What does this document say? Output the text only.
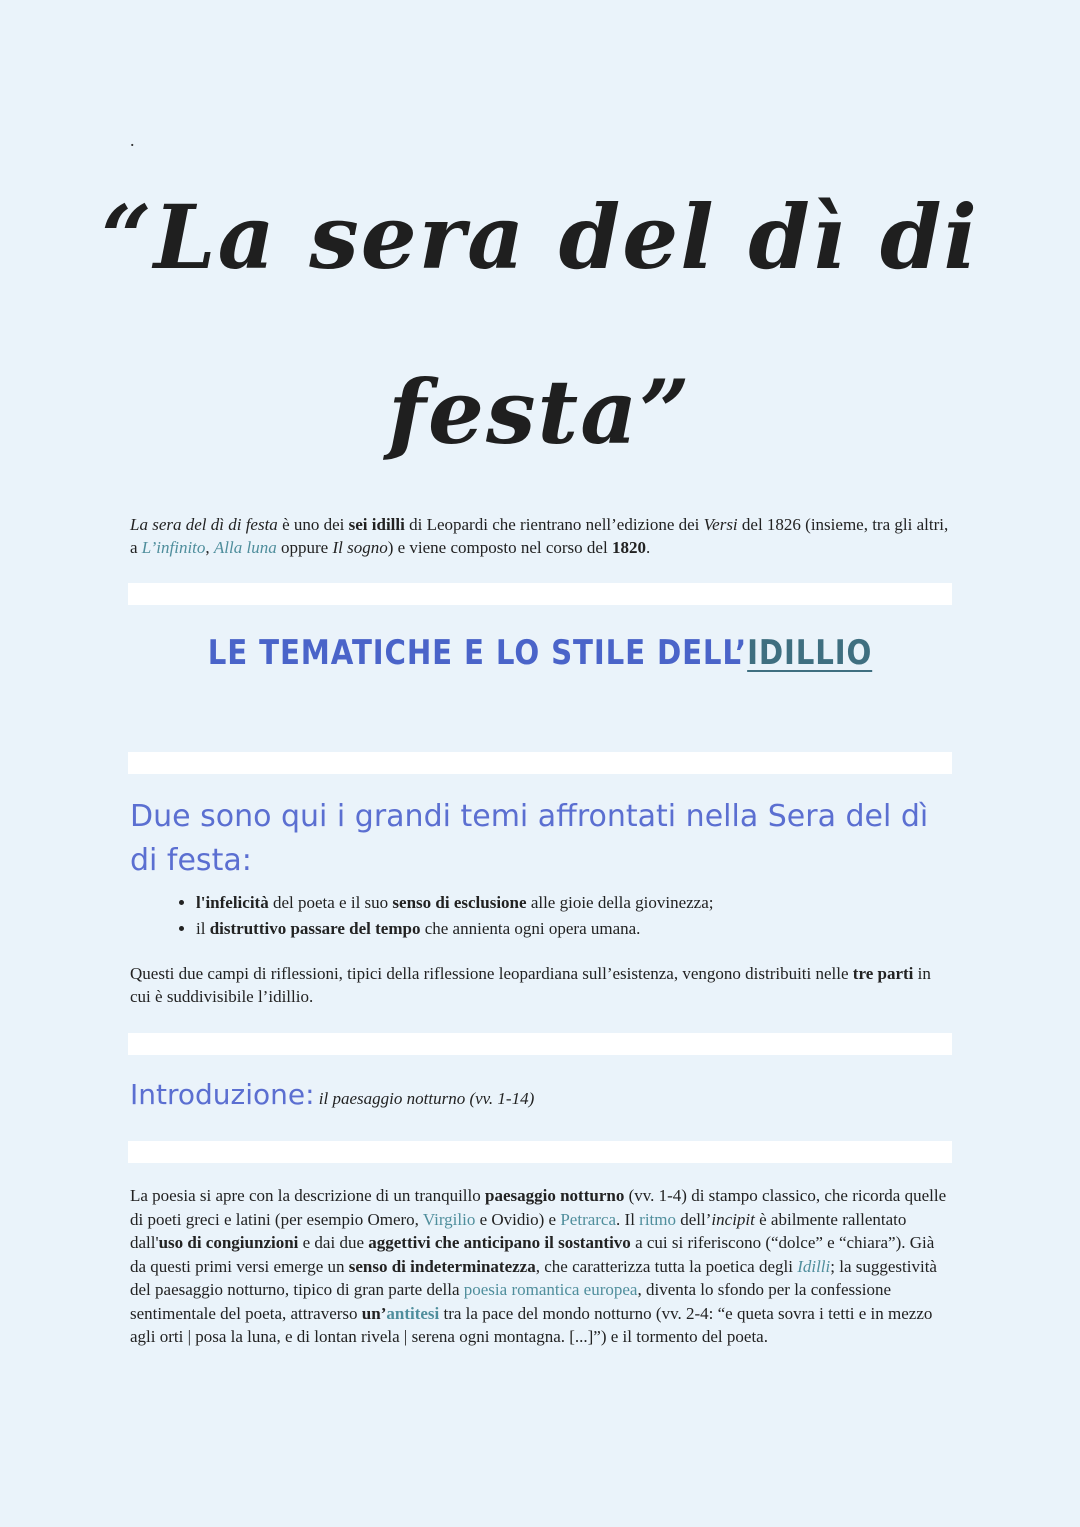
.
“La sera del dì di
festa”

La sera del dì di festa è uno dei sei idilli di Leopardi che rientrano nell’edizione dei Versi del 1826 (insieme, tra gli altri, a L’infinito, Alla luna oppure Il sogno) e viene composto nel corso del 1820.

LE TEMATICHE E LO STILE DELL’IDILLIO
Due sono qui i grandi temi affrontati nella Sera del dì di festa:
• l'infelicità del poeta e il suo senso di esclusione alle gioie della giovinezza;
• il distruttivo passare del tempo che annienta ogni opera umana.

Questi due campi di riflessioni, tipici della riflessione leopardiana sull’esistenza, vengono distribuiti nelle tre parti in cui è suddivisibile l’idillio.

Introduzione: il paesaggio notturno (vv. 1-14)

La poesia si apre con la descrizione di un tranquillo paesaggio notturno (vv. 1-4) di stampo classico, che ricorda quelle di poeti greci e latini (per esempio Omero, Virgilio e Ovidio) e Petrarca. Il ritmo dell’incipit è abilmente rallentato dall'uso di congiunzioni e dai due aggettivi che anticipano il sostantivo a cui si riferiscono (“dolce” e “chiara”). Già da questi primi versi emerge un senso di indeterminatezza, che caratterizza tutta la poetica degli Idilli; la suggestività del paesaggio notturno, tipico di gran parte della poesia romantica europea, diventa lo sfondo per la confessione sentimentale del poeta, attraverso un’antitesi tra la pace del mondo notturno (vv. 2-4: “e queta sovra i tetti e in mezzo agli orti | posa la luna, e di lontan rivela | serena ogni montagna. [...]”) e il tormento del poeta.
